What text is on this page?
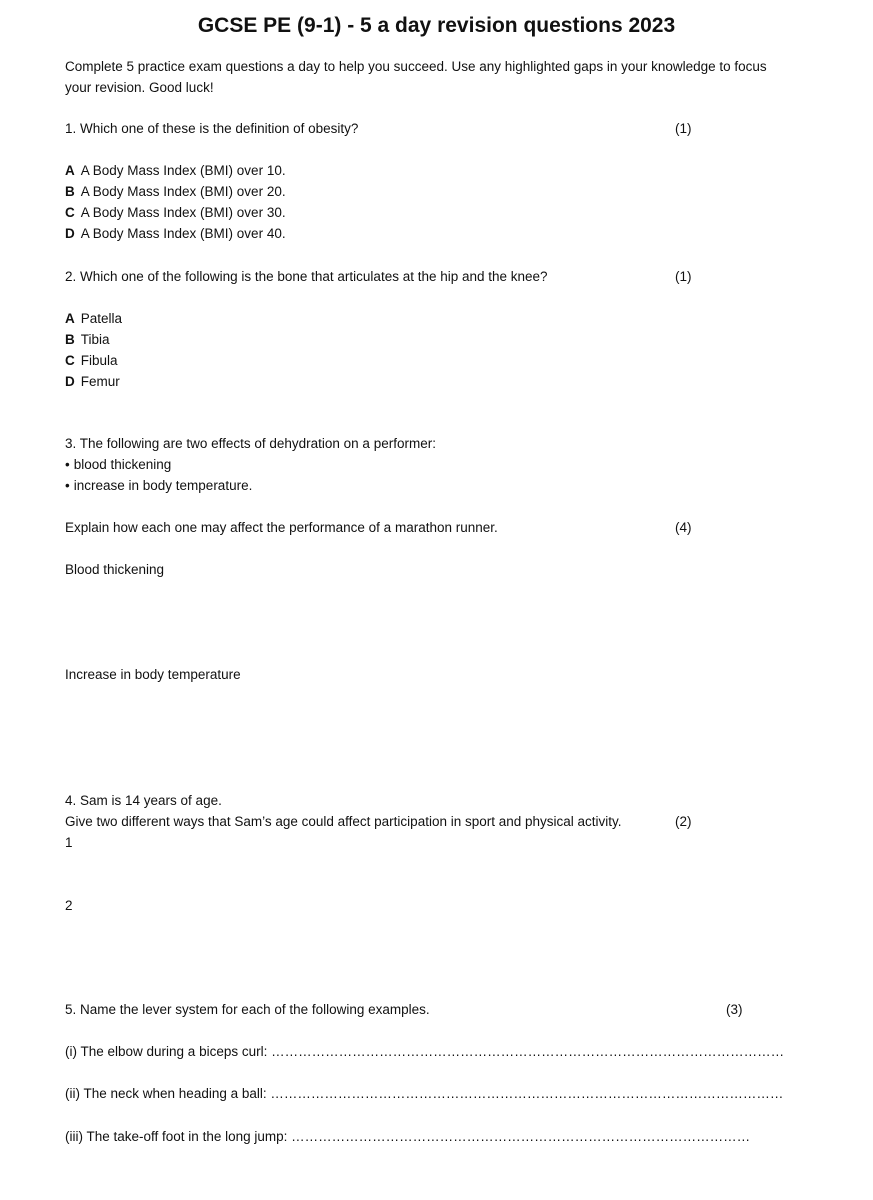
GCSE PE (9-1) - 5 a day revision questions 2023
Complete 5 practice exam questions a day to help you succeed. Use any highlighted gaps in your knowledge to focus your revision. Good luck!
1. Which one of these is the definition of obesity?	(1)
A A Body Mass Index (BMI) over 10.
B A Body Mass Index (BMI) over 20.
C A Body Mass Index (BMI) over 30.
D A Body Mass Index (BMI) over 40.
2. Which one of the following is the bone that articulates at the hip and the knee?	(1)
A Patella
B Tibia
C Fibula
D Femur
3. The following are two effects of dehydration on a performer:
• blood thickening
• increase in body temperature.
Explain how each one may affect the performance of a marathon runner.	(4)
Blood thickening
Increase in body temperature
4. Sam is 14 years of age.
Give two different ways that Sam’s age could affect participation in sport and physical activity.	(2)
1
2
5. Name the lever system for each of the following examples.	(3)
(i) The elbow during a biceps curl: ……………………………………………………………………………………………………
(ii) The neck when heading a ball: ……………………………………………………………………………………………………
(iii) The take-off foot in the long jump: …………………………………………………………………………………………
